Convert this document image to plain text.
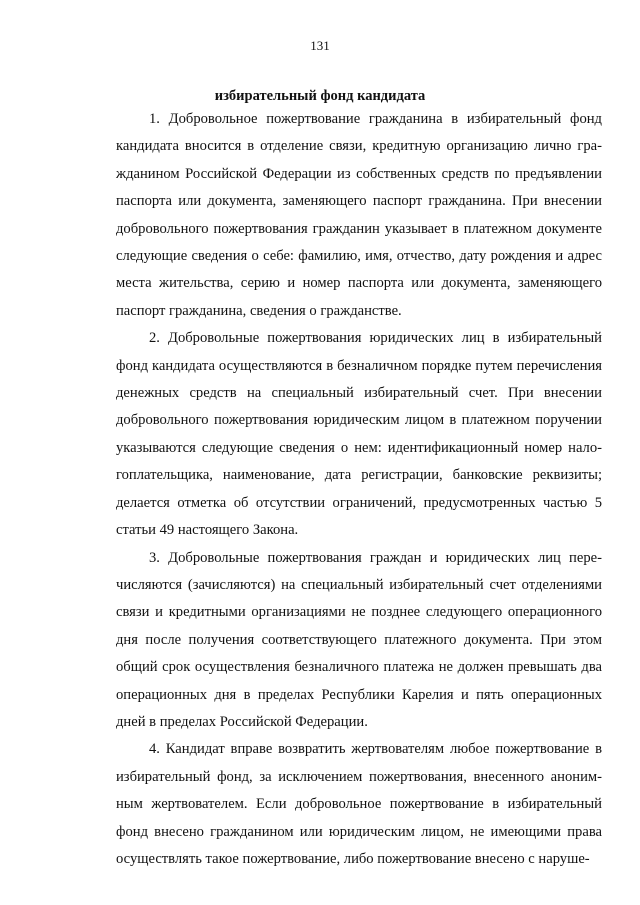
131
избирательный фонд кандидата

1. Добровольное пожертвование гражданина в избирательный фонд кандидата вносится в отделение связи, кредитную организацию лично гражданином Российской Федерации из собственных средств по предъявлении паспорта или документа, заменяющего паспорт гражданина. При внесении добровольного пожертвования гражданин указывает в платежном документе следующие сведения о себе: фамилию, имя, отчество, дату рождения и адрес места жительства, серию и номер паспорта или документа, заменяющего паспорт гражданина, сведения о гражданстве.

2. Добровольные пожертвования юридических лиц в избирательный фонд кандидата осуществляются в безналичном порядке путем перечисления денежных средств на специальный избирательный счет. При внесении добровольного пожертвования юридическим лицом в платежном поручении указываются следующие сведения о нем: идентификационный номер налогоплательщика, наименование, дата регистрации, банковские реквизиты; делается отметка об отсутствии ограничений, предусмотренных частью 5 статьи 49 настоящего Закона.

3. Добровольные пожертвования граждан и юридических лиц перечисляются (зачисляются) на специальный избирательный счет отделениями связи и кредитными организациями не позднее следующего операционного дня после получения соответствующего платежного документа. При этом общий срок осуществления безналичного платежа не должен превышать два операционных дня в пределах Республики Карелия и пять операционных дней в пределах Российской Федерации.

4. Кандидат вправе возвратить жертвователям любое пожертвование в избирательный фонд, за исключением пожертвования, внесенного анонимным жертвователем. Если добровольное пожертвование в избирательный фонд внесено гражданином или юридическим лицом, не имеющими права осуществлять такое пожертвование, либо пожертвование внесено с наруше-
